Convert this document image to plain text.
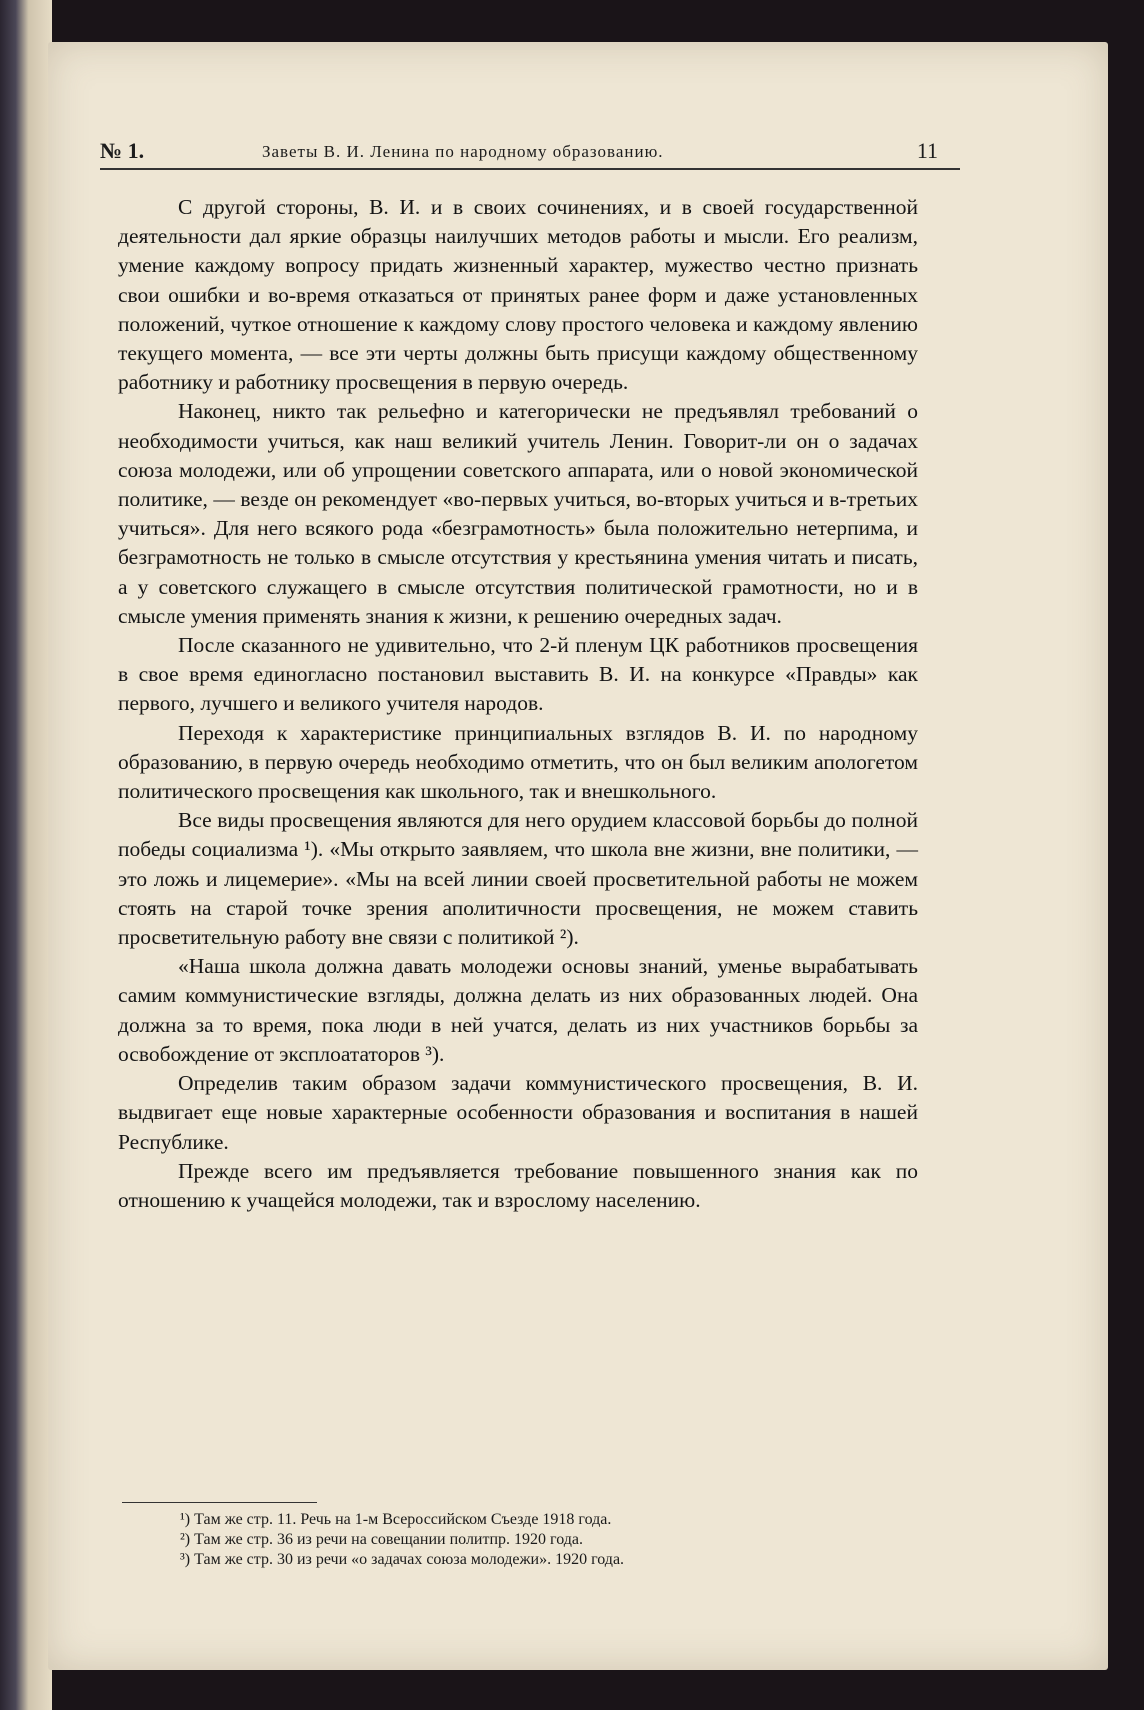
№ 1.	Заветы В. И. Ленина по народному образованию.	11

С другой стороны, В. И. и в своих сочинениях, и в своей государственной деятельности дал яркие образцы наилучших методов работы и мысли. Его реализм, умение каждому вопросу придать жизненный характер, мужество честно признать свои ошибки и во-время отказаться от принятых ранее форм и даже установленных положений, чуткое отношение к каждому слову простого человека и каждому явлению текущего момента, — все эти черты должны быть присущи каждому общественному работнику и работнику просвещения в первую очередь.

Наконец, никто так рельефно и категорически не предъявлял требований о необходимости учиться, как наш великий учитель Ленин. Говорит-ли он о задачах союза молодежи, или об упрощении советского аппарата, или о новой экономической политике, — везде он рекомендует «во-первых учиться, во-вторых учиться и в-третьих учиться». Для него всякого рода «безграмотность» была положительно нетерпима, и безграмотность не только в смысле отсутствия у крестьянина умения читать и писать, а у советского служащего в смысле отсутствия политической грамотности, но и в смысле умения применять знания к жизни, к решению очередных задач.

После сказанного не удивительно, что 2-й пленум ЦК работников просвещения в свое время единогласно постановил выставить В. И. на конкурсе «Правды» как первого, лучшего и великого учителя народов.

Переходя к характеристике принципиальных взглядов В. И. по народному образованию, в первую очередь необходимо отметить, что он был великим апологетом политического просвещения как школьного, так и внешкольного.

Все виды просвещения являются для него орудием классовой борьбы до полной победы социализма ¹). «Мы открыто заявляем, что школа вне жизни, вне политики, — это ложь и лицемерие». «Мы на всей линии своей просветительной работы не можем стоять на старой точке зрения аполитичности просвещения, не можем ставить просветительную работу вне связи с политикой ²).

«Наша школа должна давать молодежи основы знаний, уменье вырабатывать самим коммунистические взгляды, должна делать из них образованных людей. Она должна за то время, пока люди в ней учатся, делать из них участников борьбы за освобождение от эксплоататоров ³).

Определив таким образом задачи коммунистического просвещения, В. И. выдвигает еще новые характерные особенности образования и воспитания в нашей Республике.

Прежде всего им предъявляется требование повышенного знания как по отношению к учащейся молодежи, так и взрослому населению.

¹) Там же стр. 11. Речь на 1-м Всероссийском Съезде 1918 года.
²) Там же стр. 36 из речи на совещании политпр. 1920 года.
³) Там же стр. 30 из речи «о задачах союза молодежи». 1920 года.
